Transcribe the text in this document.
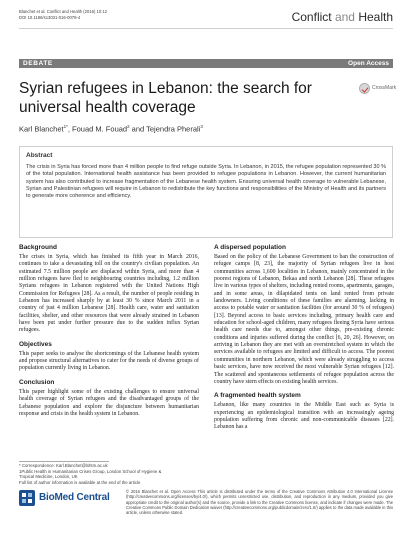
Blanchet et al. Conflict and Health (2016) 10:12
DOI 10.1186/s13031-016-0079-4	Conflict and Health
DEBATE	Open Access
Syrian refugees in Lebanon: the search for universal health coverage
CrossMark
Karl Blanchet$^{1*}$, Fouad M. Fouad$^2$ and Tejendra Pherali$^3$
Abstract
The crisis in Syria has forced more than 4 million people to find refuge outside Syria. In Lebanon, in 2015, the refugee population represented 30 % of the total population. International health assistance has been provided to refugee populations in Lebanon. However, the current humanitarian system has also contributed to increase fragmentation of the Lebanese health system. Ensuring universal health coverage to vulnerable Lebanese, Syrian and Palestinian refugees will require in Lebanon to redistribute the key functions and responsibilities of the Ministry of Health and its partners to generate more coherence and efficiency.
Background

The crises in Syria, which has finished its fifth year in March 2016, continues to take a devastating toll on the country's civilian population. An estimated 7.5 million people are displaced within Syria, and more than 4 million refugees have fled to neighbouring countries including, 1.2 million Syrians refugees in Lebanon registered with the United Nations High Commission for Refugees [28]. As a result, the number of people residing in Lebanon has increased sharply by at least 30 % since March 2011 in a country of just 4 million Lebanese [28]. Health care, water and sanitation facilities, shelter, and other resources that were already strained in Lebanon have been put under further pressure due to the sudden influx Syrian refugees.

Objectives

This paper seeks to analyse the shortcomings of the Lebanese health system and propose structural alternatives to cater for the needs of diverse groups of population currently living in Lebanon.

Conclusion

This paper highlight some of the existing challenges to ensure universal health coverage of Syrian refugees and the disadvantaged groups of the Lebanese population and explore the disjuncture between humanitarian response and crisis in the health system in Lebanon.

A dispersed population

Based on the policy of the Lebanese Government to ban the construction of refugee camps [8, 23], the majority of Syrian refugees live in host communities across 1,600 localities in Lebanon, mainly concentrated in the poorest regions of Lebanon, Bekaa and north Lebanon [28]. These refugees live in various types of shelters, including rented rooms, apartments, garages, and in some areas, in dilapidated tents on land rented from private landowners. Living conditions of these families are alarming, lacking in access to potable water or sanitation facilities (for around 30 % of refugees) [13]. Beyond access to basic services including, primary health care and education for school-aged children, many refugees fleeing Syria have serious health care needs due to, amongst other things, pre-existing chronic conditions and injuries suffered during the conflict [6, 20, 26]. However, on arriving in Lebanon they are met with an overstretched system in which the services available to refugees are limited and difficult to access. The poorest communities in northern Lebanon, which were already struggling to access basic services, have now received the most vulnerable Syrian refugees [12]. The scattered and spontaneous settlements of refugee population across the country have stern effects on existing health services.

A fragmented health system

Lebanon, like many countries in the Middle East such as Syria is experiencing an epidemiological transition with an increasingly ageing population suffering from chronic and non-communicable diseases [22]. Lebanon has a

* Correspondence: Karl.Blanchet@lshtm.ac.uk
1Public Health in Humanitarian Crises Group, London School of Hygiene &
Tropical Medicine, London, UK
Full list of author information is available at the end of the article
BioMed Central
© 2016 Blanchet et al. Open Access This article is distributed under the terms of the Creative Commons Attribution 4.0 International License (http://creativecommons.org/licenses/by/4.0/), which permits unrestricted use, distribution, and reproduction in any medium, provided you give appropriate credit to the original author(s) and the source, provide a link to the Creative Commons license, and indicate if changes were made. The Creative Commons Public Domain Dedication waiver (http://creativecommons.org/publicdomain/zero/1.0/) applies to the data made available in this article, unless otherwise stated.
